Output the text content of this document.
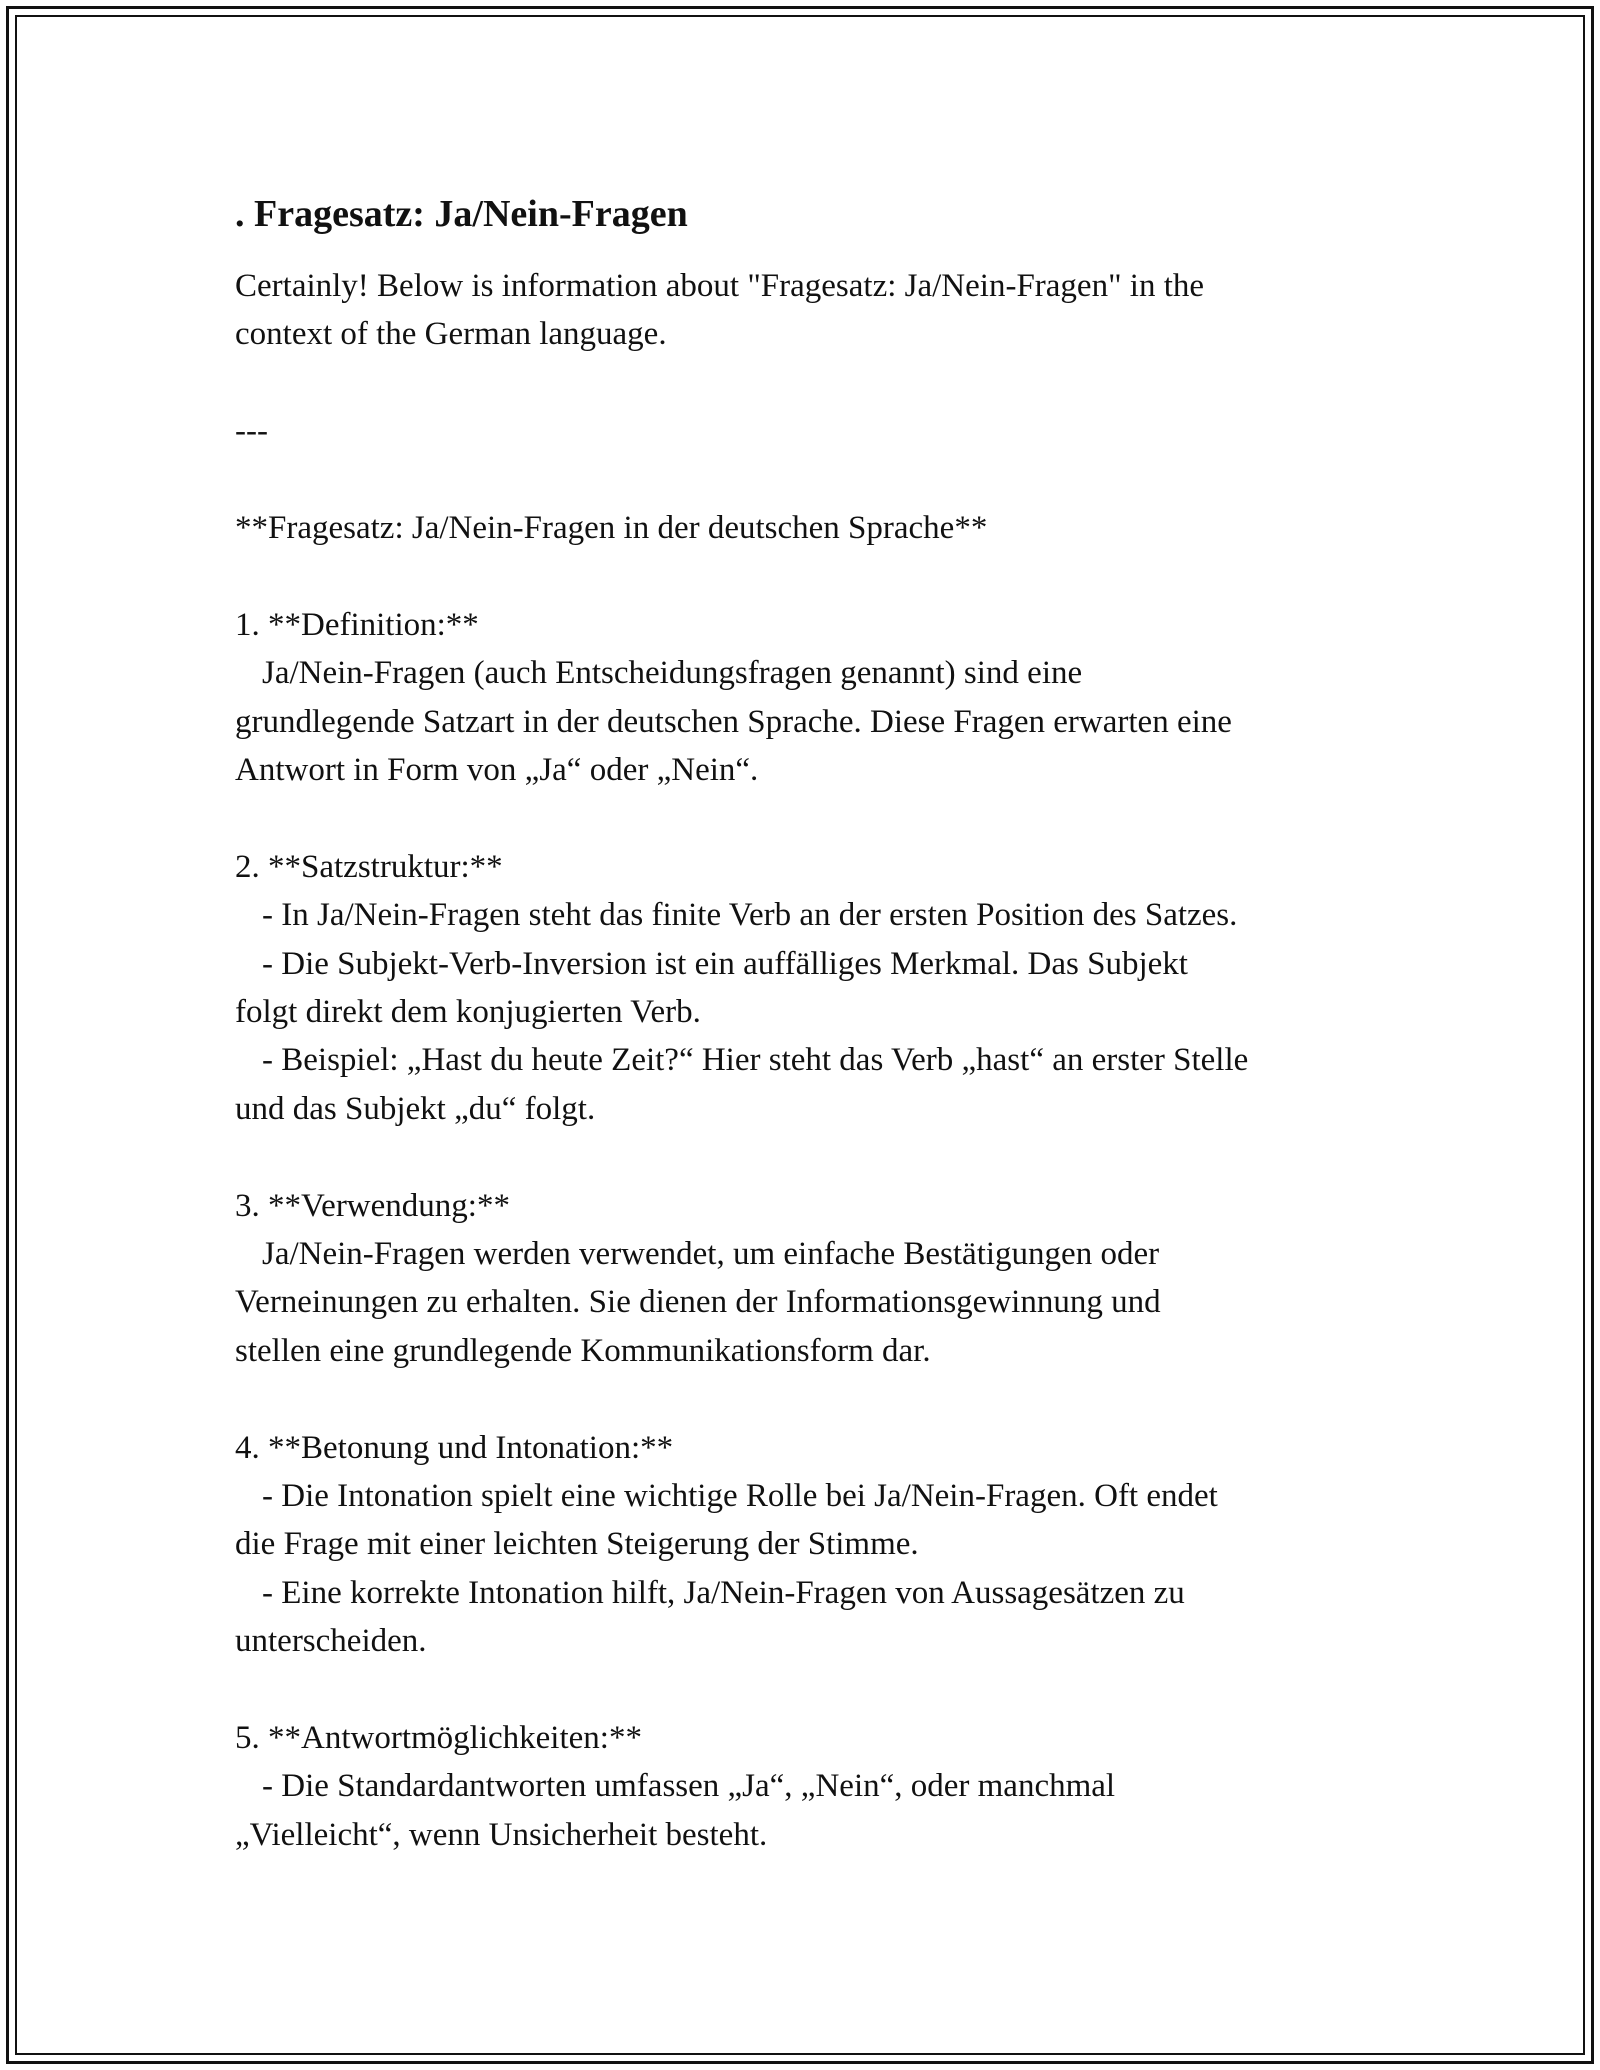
. Fragesatz: Ja/Nein-Fragen

Certainly! Below is information about "Fragesatz: Ja/Nein-Fragen" in the

context of the German language.

---

**Fragesatz: Ja/Nein-Fragen in der deutschen Sprache**

1. **Definition:**

Ja/Nein-Fragen (auch Entscheidungsfragen genannt) sind eine

grundlegende Satzart in der deutschen Sprache. Diese Fragen erwarten eine

Antwort in Form von „Ja“ oder „Nein“.

2. **Satzstruktur:**

- In Ja/Nein-Fragen steht das finite Verb an der ersten Position des Satzes.

- Die Subjekt-Verb-Inversion ist ein auffälliges Merkmal. Das Subjekt

folgt direkt dem konjugierten Verb.

- Beispiel: „Hast du heute Zeit?“ Hier steht das Verb „hast“ an erster Stelle

und das Subjekt „du“ folgt.

3. **Verwendung:**

Ja/Nein-Fragen werden verwendet, um einfache Bestätigungen oder

Verneinungen zu erhalten. Sie dienen der Informationsgewinnung und

stellen eine grundlegende Kommunikationsform dar.

4. **Betonung und Intonation:**

- Die Intonation spielt eine wichtige Rolle bei Ja/Nein-Fragen. Oft endet

die Frage mit einer leichten Steigerung der Stimme.

- Eine korrekte Intonation hilft, Ja/Nein-Fragen von Aussagesätzen zu

unterscheiden.

5. **Antwortmöglichkeiten:**

- Die Standardantworten umfassen „Ja“, „Nein“, oder manchmal

„Vielleicht“, wenn Unsicherheit besteht.
